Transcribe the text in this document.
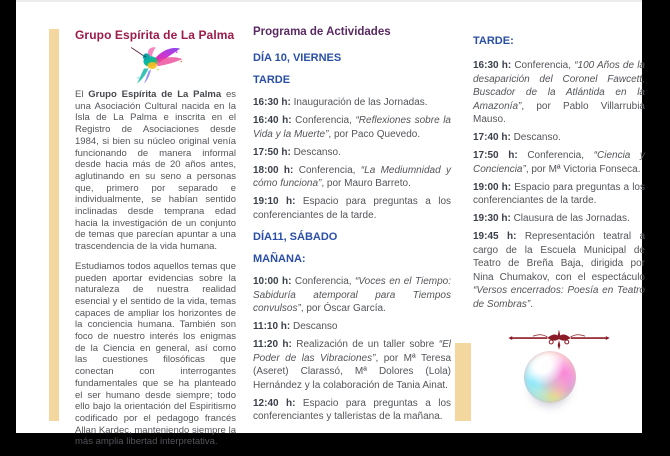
Grupo Espírita de La Palma

El Grupo Espírita de La Palma es una Asociación Cultural nacida en la Isla de La Palma e inscrita en el Registro de Asociaciones desde 1984, si bien su núcleo original venía funcionando de manera informal desde hacia más de 20 años antes, aglutinando en su seno a personas que, primero por separado e individualmente, se habían sentido inclinadas desde temprana edad hacia la investigación de un conjunto de temas que parecían apuntar a una trascendencia de la vida humana.

Estudiamos todos aquellos temas que pueden aportar evidencias sobre la naturaleza de nuestra realidad esencial y el sentido de la vida, temas capaces de ampliar los horizontes de la conciencia humana. También son foco de nuestro interés los enigmas de la Ciencia en general, así como las cuestiones filosóficas que conectan con interrogantes fundamentales que se ha planteado el ser humano desde siempre; todo ello bajo la orientación del Espiritismo codificado por el pedagogo francés Allan Kardec, manteniendo siempre la más amplia libertad interpretativa.

Programa de Actividades
DÍA 10, VIERNES
TARDE
16:30 h: Inauguración de las Jornadas.
16:40 h: Conferencia, “Reflexiones sobre la Vida y la Muerte”, por Paco Quevedo.
17:50 h: Descanso.
18:00 h: Conferencia, “La Mediumnidad y cómo funciona”, por Mauro Barreto.
19:10 h: Espacio para preguntas a los conferenciantes de la tarde.
DÍA11, SÁBADO
MAÑANA:
10:00 h: Conferencia, “Voces en el Tiempo: Sabiduría atemporal para Tiempos convulsos”, por Óscar García.
11:10 h: Descanso
11:20 h: Realización de un taller sobre “El Poder de las Vibraciones”, por Mª Teresa (Aseret) Clarassó, Mª Dolores (Lola) Hernández y la colaboración de Tania Ainat.
12:40 h: Espacio para preguntas a los conferenciantes y talleristas de la mañana.
TARDE:
16:30 h: Conferencia, “100 Años de la desaparición del Coronel Fawcett, Buscador de la Atlántida en la Amazonía”, por Pablo Villarrubia Mauso.
17:40 h: Descanso.
17:50 h: Conferencia, “Ciencia y Conciencia”, por Mª Victoria Fonseca.
19:00 h: Espacio para preguntas a los conferenciantes de la tarde.
19:30 h: Clausura de las Jornadas.
19:45 h: Representación teatral a cargo de la Escuela Municipal de Teatro de Breña Baja, dirigida por Nina Chumakov, con el espectáculo “Versos encerrados: Poesía en Teatro de Sombras”.
